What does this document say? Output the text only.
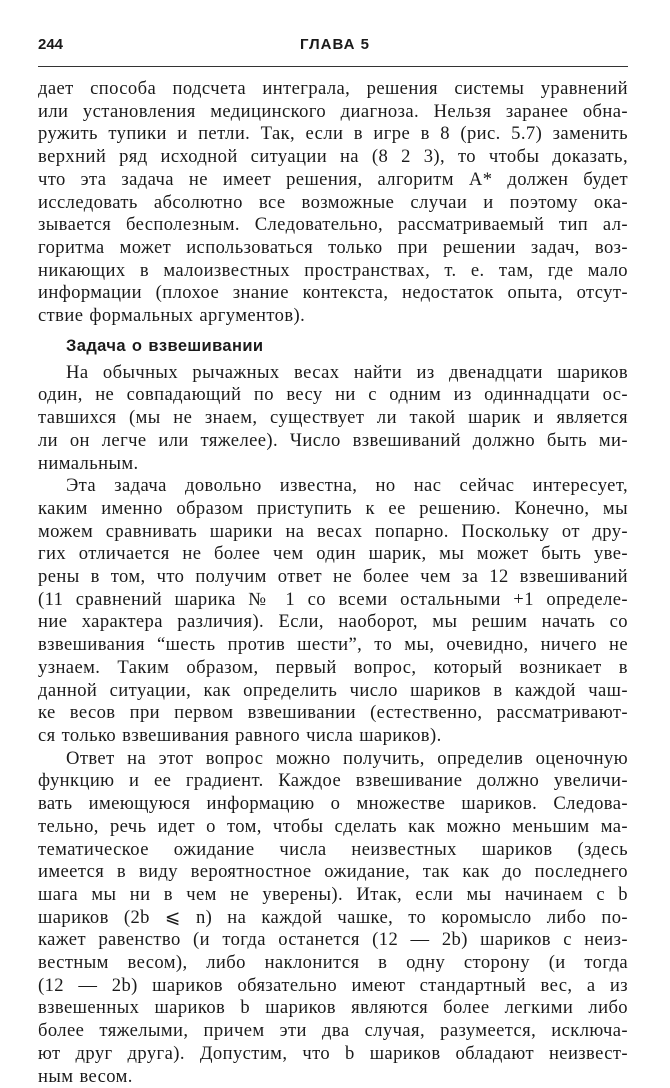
244	ГЛАВА 5
дает способа подсчета интеграла, решения системы уравнений
или установления медицинского диагноза. Нельзя заранее обна-
ружить тупики и петли. Так, если в игре в 8 (рис. 5.7) заменить
верхний ряд исходной ситуации на (8 2 3), то чтобы доказать,
что эта задача не имеет решения, алгоритм A* должен будет
исследовать абсолютно все возможные случаи и поэтому ока-
зывается бесполезным. Следовательно, рассматриваемый тип ал-
горитма может использоваться только при решении задач, воз-
никающих в малоизвестных пространствах, т. е. там, где мало
информации (плохое знание контекста, недостаток опыта, отсут-
ствие формальных аргументов).
Задача о взвешивании
На обычных рычажных весах найти из двенадцати шариков
один, не совпадающий по весу ни с одним из одиннадцати ос-
тавшихся (мы не знаем, существует ли такой шарик и является
ли он легче или тяжелее). Число взвешиваний должно быть ми-
нимальным.
Эта задача довольно известна, но нас сейчас интересует,
каким именно образом приступить к ее решению. Конечно, мы
можем сравнивать шарики на весах попарно. Поскольку от дру-
гих отличается не более чем один шарик, мы может быть уве-
рены в том, что получим ответ не более чем за 12 взвешиваний
(11 сравнений шарика № 1 со всеми остальными +1 определе-
ние характера различия). Если, наоборот, мы решим начать со
взвешивания “шесть против шести”, то мы, очевидно, ничего не
узнаем. Таким образом, первый вопрос, который возникает в
данной ситуации, как определить число шариков в каждой чаш-
ке весов при первом взвешивании (естественно, рассматривают-
ся только взвешивания равного числа шариков).
Ответ на этот вопрос можно получить, определив оценочную
функцию и ее градиент. Каждое взвешивание должно увеличи-
вать имеющуюся информацию о множестве шариков. Следова-
тельно, речь идет о том, чтобы сделать как можно меньшим ма-
тематическое ожидание числа неизвестных шариков (здесь
имеется в виду вероятностное ожидание, так как до последнего
шага мы ни в чем не уверены). Итак, если мы начинаем с b
шариков (2b ⩽ n) на каждой чашке, то коромысло либо по-
кажет равенство (и тогда останется (12 — 2b) шариков с неиз-
вестным весом), либо наклонится в одну сторону (и тогда
(12 — 2b) шариков обязательно имеют стандартный вес, а из
взвешенных шариков b шариков являются более легкими либо
более тяжелыми, причем эти два случая, разумеется, исключа-
ют друг друга). Допустим, что b шариков обладают неизвест-
ным весом.
